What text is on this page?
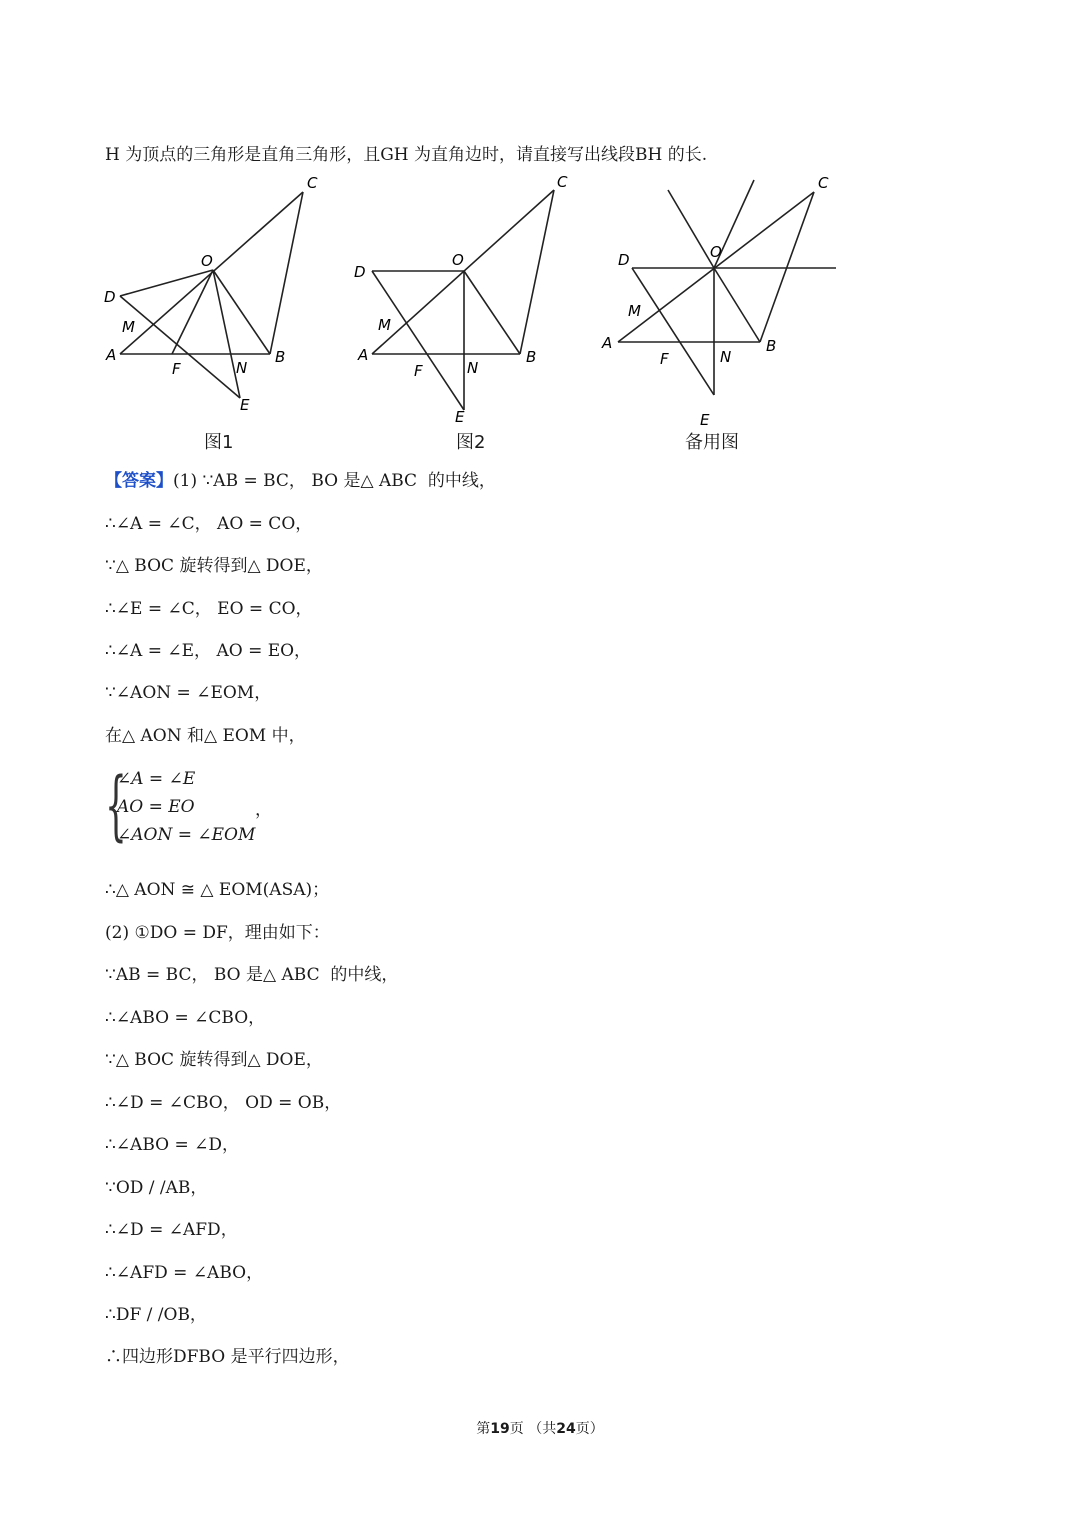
H 为顶点的三角形是直角三角形，且GH 为直角边时，请直接写出线段BH 的长.
C
O
D
M
A
F	N
B
E
图1
C
O
D
M
A
F	N
B
E
图2
C
O
D
M
A
F	N
B
E
备用图
【答案】(1) ∵AB = BC， BO 是△ ABC  的中线，
∴∠A = ∠C， AO = CO，
∵△ BOC 旋转得到△ DOE，
∴∠E = ∠C， EO = CO，
∴∠A = ∠E， AO = EO，
∵∠AON = ∠EOM，
在△ AON 和△ EOM 中，
{
∠A = ∠E
AO = EO
∠AON = ∠EOM
，
∴△ AON ≅ △ EOM(ASA)；
(2) ①DO = DF，理由如下：
∵AB = BC， BO 是△ ABC  的中线，
∴∠ABO = ∠CBO，
∵△ BOC 旋转得到△ DOE，
∴∠D = ∠CBO， OD = OB，
∴∠ABO = ∠D，
∵OD / /AB，
∴∠D = ∠AFD，
∴∠AFD = ∠ABO，
∴DF / /OB，
∴四边形DFBO 是平行四边形，
第19页 （共24页）
